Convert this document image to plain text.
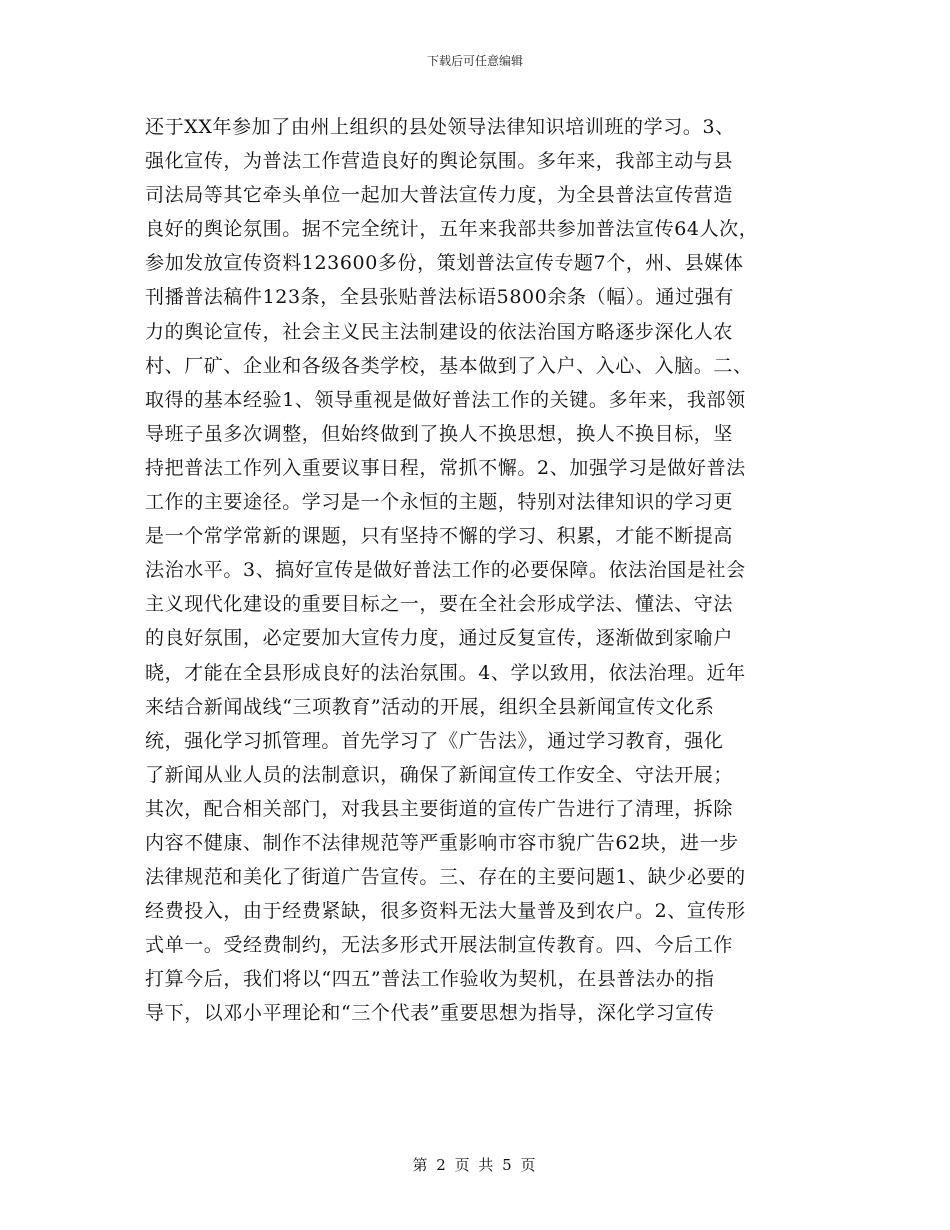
下载后可任意编辑
还于XX年参加了由州上组织的县处领导法律知识培训班的学习。3、
强化宣传，为普法工作营造良好的舆论氛围。多年来，我部主动与县
司法局等其它牵头单位一起加大普法宣传力度，为全县普法宣传营造
良好的舆论氛围。据不完全统计，五年来我部共参加普法宣传64人次，
参加发放宣传资料123600多份，策划普法宣传专题7个，州、县媒体
刊播普法稿件123条，全县张贴普法标语5800余条（幅）。通过强有
力的舆论宣传，社会主义民主法制建设的依法治国方略逐步深化人农
村、厂矿、企业和各级各类学校，基本做到了入户、入心、入脑。二、
取得的基本经验1、领导重视是做好普法工作的关键。多年来，我部领
导班子虽多次调整，但始终做到了换人不换思想，换人不换目标，坚
持把普法工作列入重要议事日程，常抓不懈。2、加强学习是做好普法
工作的主要途径。学习是一个永恒的主题，特别对法律知识的学习更
是一个常学常新的课题，只有坚持不懈的学习、积累，才能不断提高
法治水平。3、搞好宣传是做好普法工作的必要保障。依法治国是社会
主义现代化建设的重要目标之一，要在全社会形成学法、懂法、守法
的良好氛围，必定要加大宣传力度，通过反复宣传，逐渐做到家喻户
晓，才能在全县形成良好的法治氛围。4、学以致用，依法治理。近年
来结合新闻战线“三项教育”活动的开展，组织全县新闻宣传文化系
统，强化学习抓管理。首先学习了《广告法》，通过学习教育，强化
了新闻从业人员的法制意识，确保了新闻宣传工作安全、守法开展；
其次，配合相关部门，对我县主要街道的宣传广告进行了清理，拆除
内容不健康、制作不法律规范等严重影响市容市貌广告62块，进一步
法律规范和美化了街道广告宣传。三、存在的主要问题1、缺少必要的
经费投入，由于经费紧缺，很多资料无法大量普及到农户。2、宣传形
式单一。受经费制约，无法多形式开展法制宣传教育。四、今后工作
打算今后，我们将以“四五”普法工作验收为契机，在县普法办的指
导下，以邓小平理论和“三个代表”重要思想为指导，深化学习宣传
第 2 页 共 5 页
